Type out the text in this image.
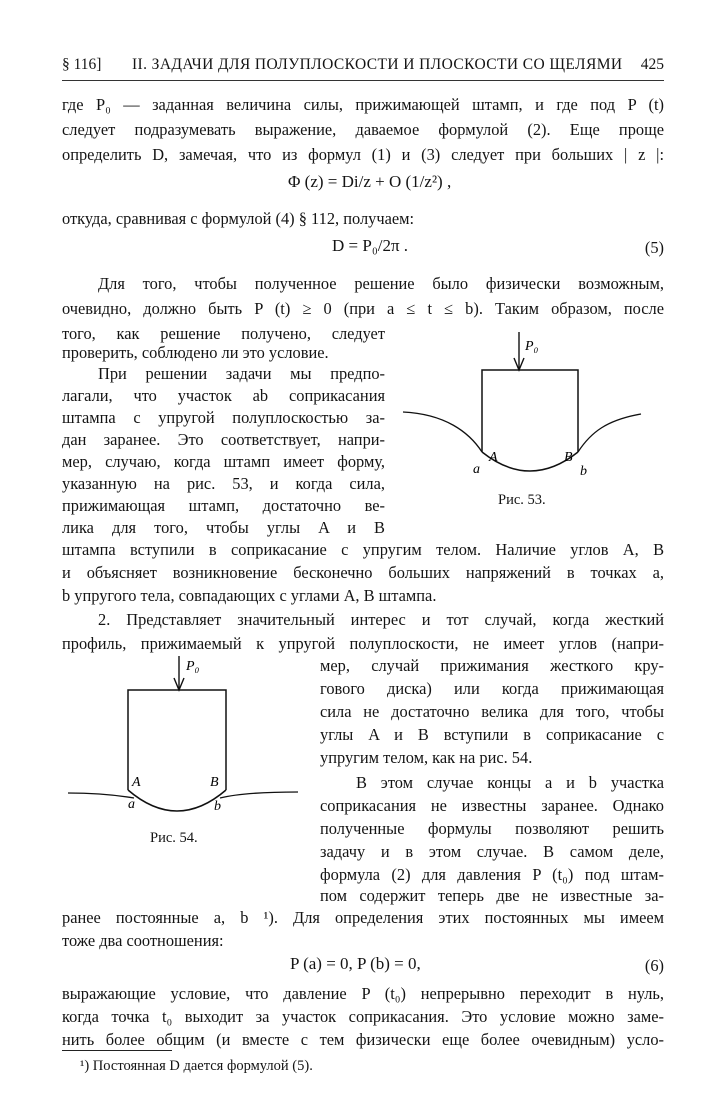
§ 116] II. ЗАДАЧИ ДЛЯ ПОЛУПЛОСКОСТИ И ПЛОСКОСТИ СО ЩЕЛЯМИ 425
где P₀ — заданная величина силы, прижимающей штамп, и где под P (t)
следует подразумевать выражение, даваемое формулой (2). Еще проще
определить D, замечая, что из формул (1) и (3) следует при больших | z |:
Φ (z) = Di/z + O (1/z²) ,
откуда, сравнивая с формулой (4) § 112, получаем:
D = P₀/2π .	(5)
Для того, чтобы полученное решение было физически возможным,
очевидно, должно быть P (t) ≥ 0 (при a ≤ t ≤ b). Таким образом, после
того, как решение получено, следует
проверить, соблюдено ли это условие.
При решении задачи мы предпо-
лагали, что участок ab соприкасания
штампа с упругой полуплоскостью за-
дан заранее. Это соответствует, напри-
мер, случаю, когда штамп имеет форму,
указанную на рис. 53, и когда сила,
прижимающая штамп, достаточно ве-
лика для того, чтобы углы A и B
P₀
A	B
a	b
Рис. 53.
штампа вступили в соприкасание с упругим телом. Наличие углов A, B
и объясняет возникновение бесконечно больших напряжений в точках a,
b упругого тела, совпадающих с углами A, B штампа.
2. Представляет значительный интерес и тот случай, когда жесткий
профиль, прижимаемый к упругой полуплоскости, не имеет углов (напри-
A	B
P₀
a	b
Рис. 54.
мер, случай прижимания жесткого кру-
гового диска) или когда прижимающая
сила не достаточно велика для того, чтобы
углы A и B вступили в соприкасание с
упругим телом, как на рис. 54.
В этом случае концы a и b участка
соприкасания не известны заранее. Однако
полученные формулы позволяют решить
задачу и в этом случае. В самом деле,
формула (2) для давления P (t₀) под штам-
пом содержит теперь две не известные за-
ранее постоянные a, b ¹). Для определения этих постоянных мы имеем
тоже два соотношения:
P (a) = 0, P (b) = 0,	(6)
выражающие условие, что давление P (t₀) непрерывно переходит в нуль,
когда точка t₀ выходит за участок соприкасания. Это условие можно заме-
¹) Постоянная D дается формулой (5).
нить более общим (и вместе с тем физически еще более очевидным) усло-
